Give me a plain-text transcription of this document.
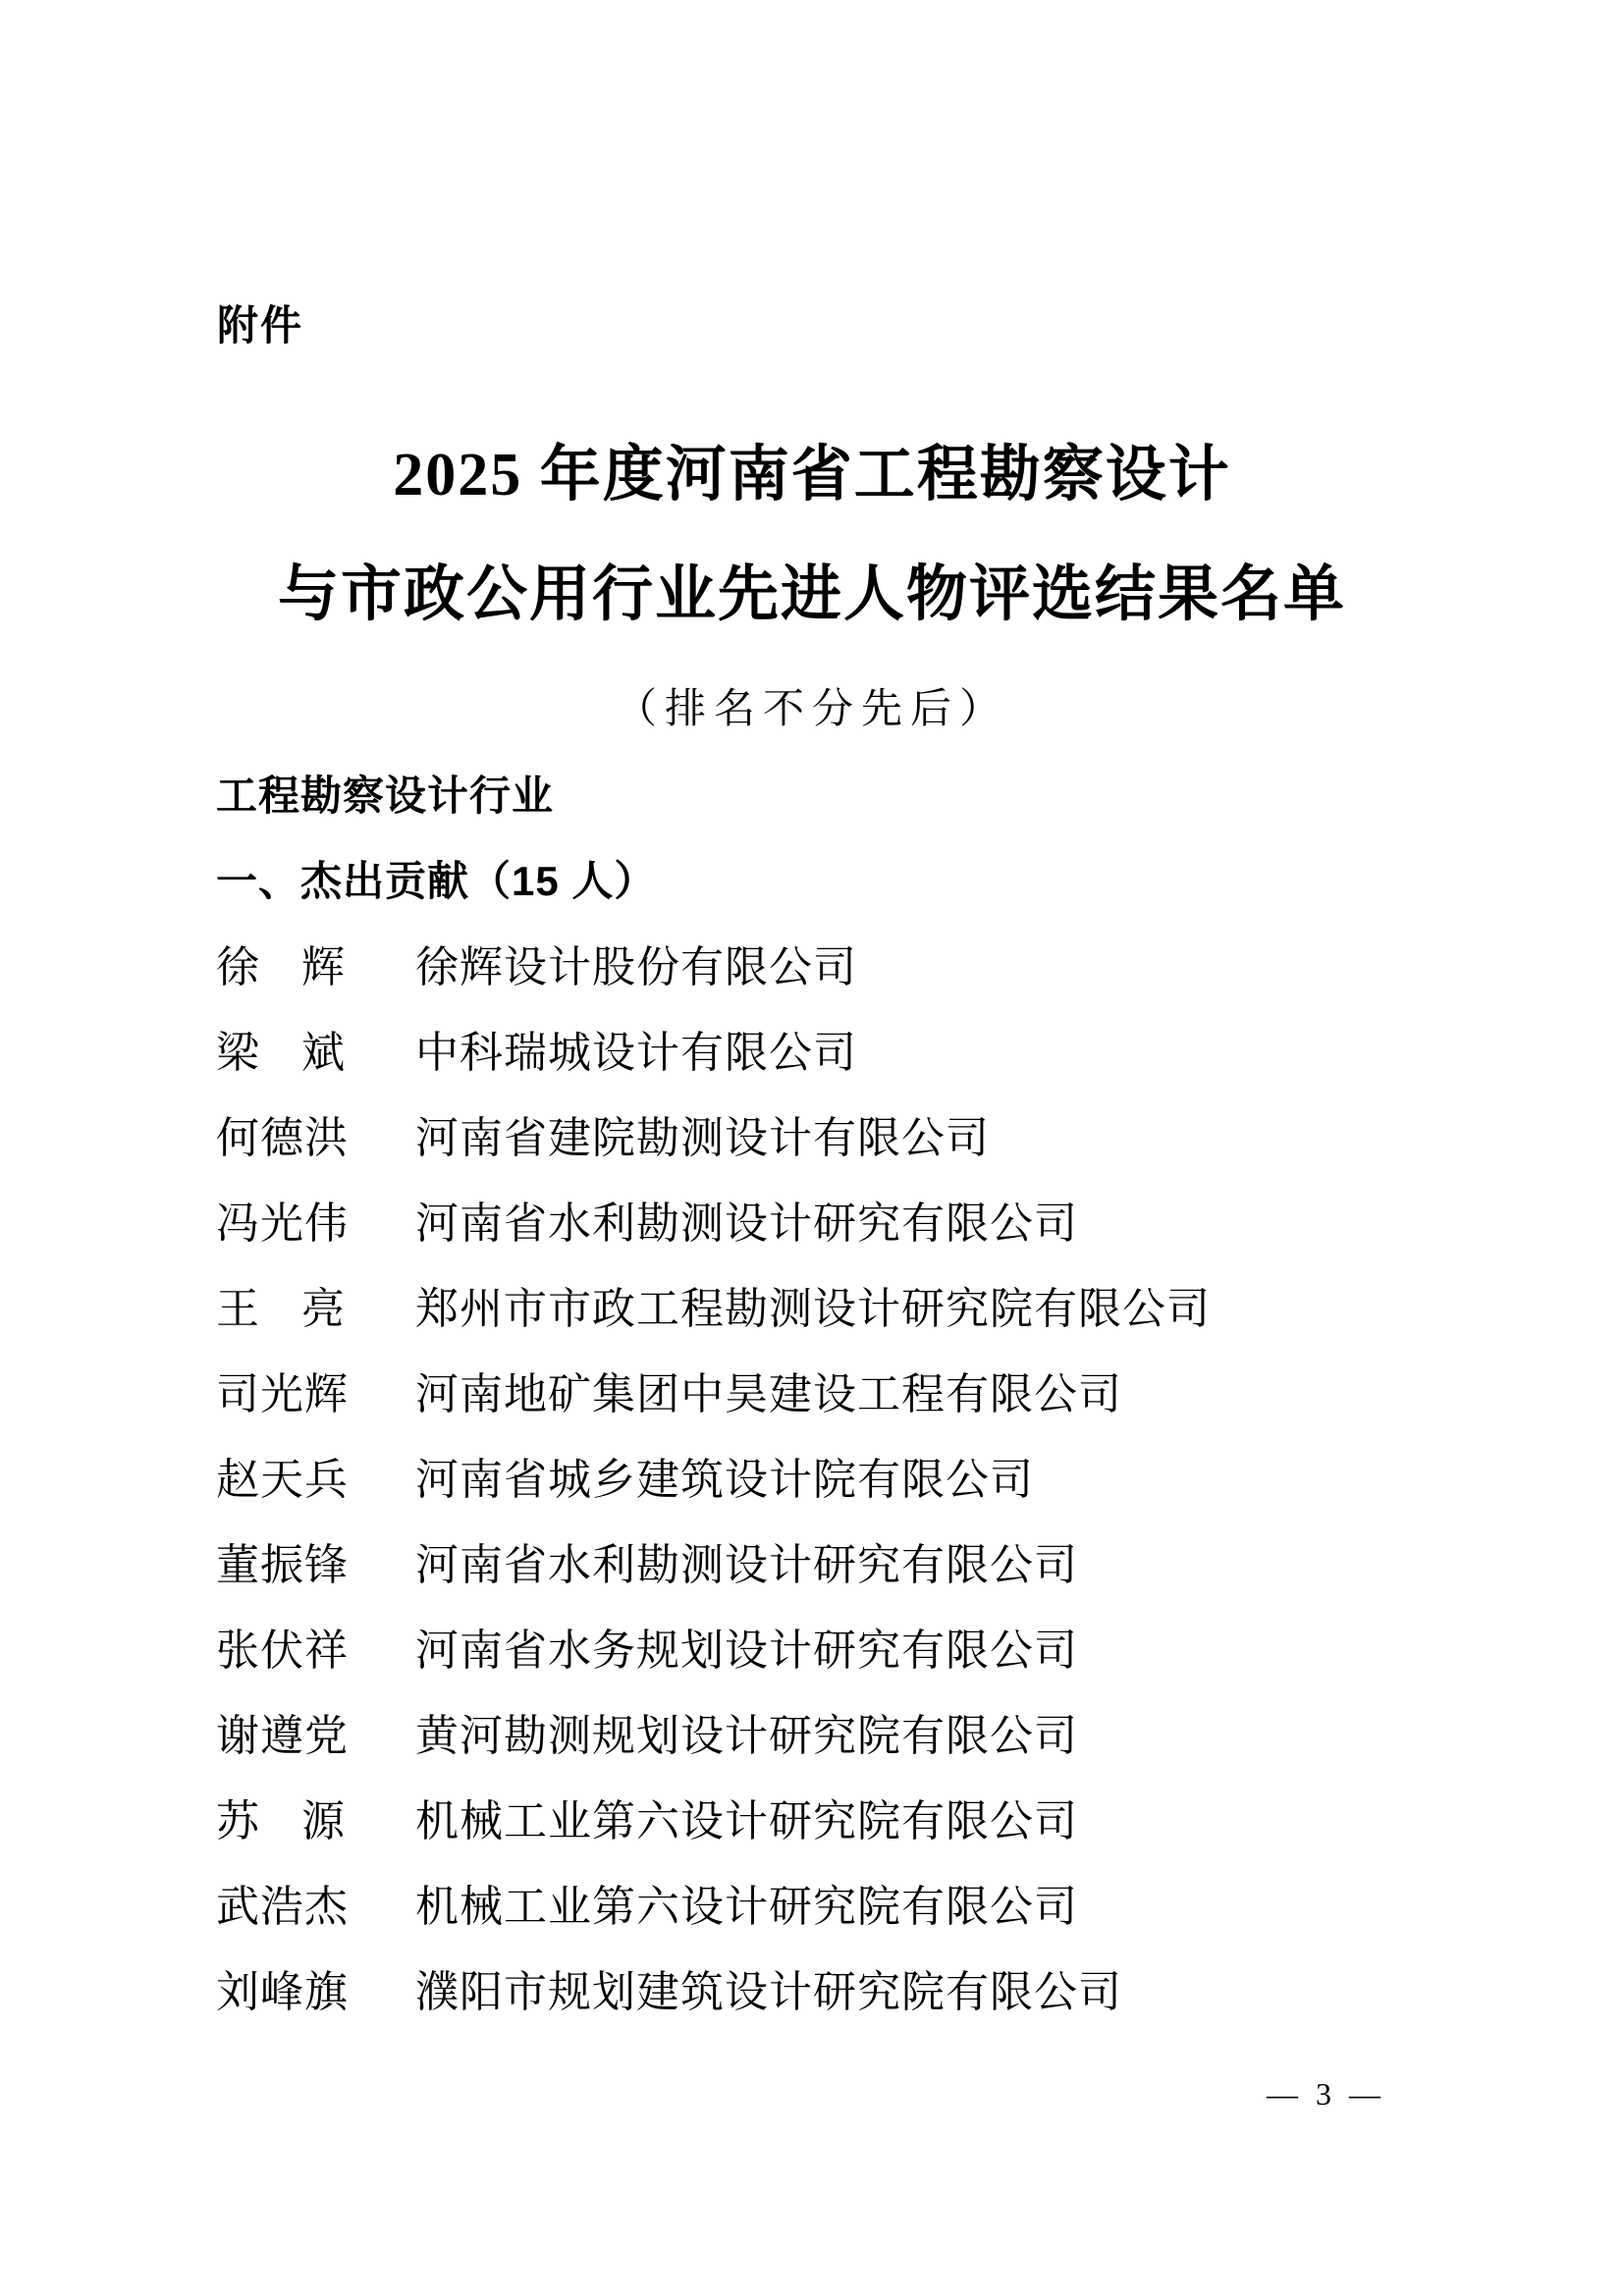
附件
2025 年度河南省工程勘察设计
与市政公用行业先进人物评选结果名单
（排名不分先后）
工程勘察设计行业
一、杰出贡献（15 人）
徐 辉 徐辉设计股份有限公司
梁 斌 中科瑞城设计有限公司
何 德 洪 河南省建院勘测设计有限公司
冯 光 伟 河南省水利勘测设计研究有限公司
王 亮 郑州市市政工程勘测设计研究院有限公司
司 光 辉 河南地矿集团中昊建设工程有限公司
赵 天 兵 河南省城乡建筑设计院有限公司
董 振 锋 河南省水利勘测设计研究有限公司
张 伏 祥 河南省水务规划设计研究有限公司
谢 遵 党 黄河勘测规划设计研究院有限公司
苏 源 机械工业第六设计研究院有限公司
武 浩 杰 机械工业第六设计研究院有限公司
刘 峰 旗 濮阳市规划建筑设计研究院有限公司
— 3 —
